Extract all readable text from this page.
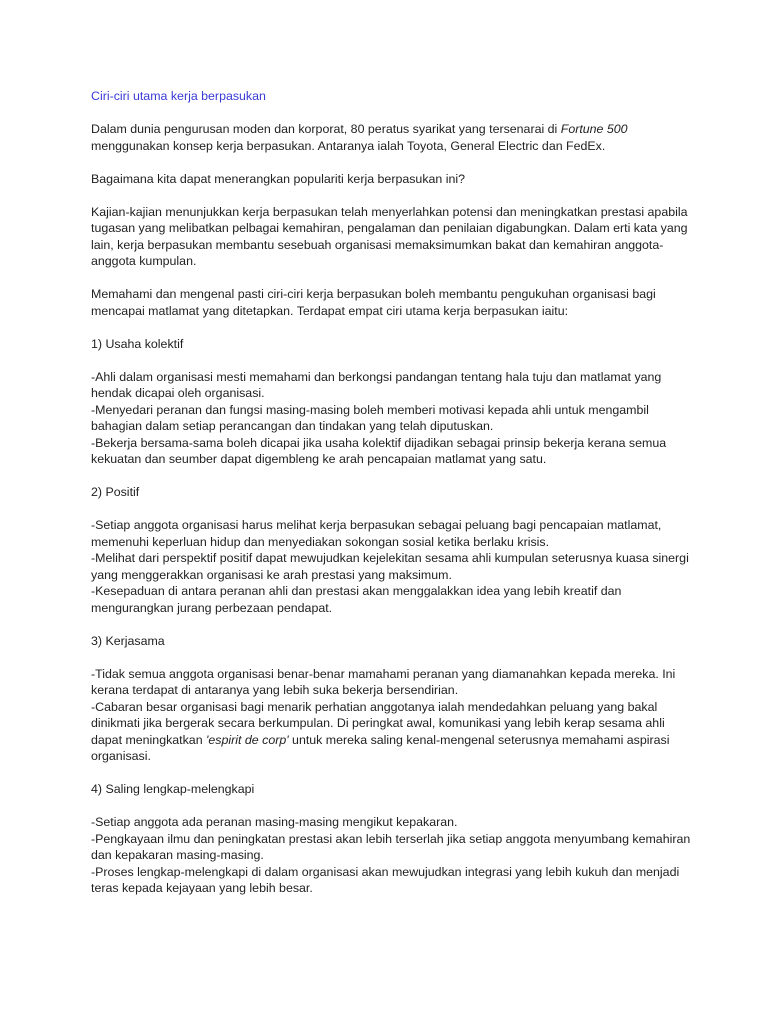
Ciri-ciri utama kerja berpasukan

Dalam dunia pengurusan moden dan korporat, 80 peratus syarikat yang tersenarai di Fortune 500 menggunakan konsep kerja berpasukan. Antaranya ialah Toyota, General Electric dan FedEx.

Bagaimana kita dapat menerangkan populariti kerja berpasukan ini?

Kajian-kajian menunjukkan kerja berpasukan telah menyerlahkan potensi dan meningkatkan prestasi apabila tugasan yang melibatkan pelbagai kemahiran, pengalaman dan penilaian digabungkan. Dalam erti kata yang lain, kerja berpasukan membantu sesebuah organisasi memaksimumkan bakat dan kemahiran anggota-anggota kumpulan.

Memahami dan mengenal pasti ciri-ciri kerja berpasukan boleh membantu pengukuhan organisasi bagi mencapai matlamat yang ditetapkan. Terdapat empat ciri utama kerja berpasukan iaitu:

1) Usaha kolektif

-Ahli dalam organisasi mesti memahami dan berkongsi pandangan tentang hala tuju dan matlamat yang hendak dicapai oleh organisasi.

-Menyedari peranan dan fungsi masing-masing boleh memberi motivasi kepada ahli untuk mengambil bahagian dalam setiap perancangan dan tindakan yang telah diputuskan.

-Bekerja bersama-sama boleh dicapai jika usaha kolektif dijadikan sebagai prinsip bekerja kerana semua kekuatan dan seumber dapat digembleng ke arah pencapaian matlamat yang satu.

2) Positif

-Setiap anggota organisasi harus melihat kerja berpasukan sebagai peluang bagi pencapaian matlamat, memenuhi keperluan hidup dan menyediakan sokongan sosial ketika berlaku krisis.

-Melihat dari perspektif positif dapat mewujudkan kejelekitan sesama ahli kumpulan seterusnya kuasa sinergi yang menggerakkan organisasi ke arah prestasi yang maksimum.

-Kesepaduan di antara peranan ahli dan prestasi akan menggalakkan idea yang lebih kreatif dan mengurangkan jurang perbezaan pendapat.

3) Kerjasama

-Tidak semua anggota organisasi benar-benar mamahami peranan yang diamanahkan kepada mereka. Ini kerana terdapat di antaranya yang lebih suka bekerja bersendirian.

-Cabaran besar organisasi bagi menarik perhatian anggotanya ialah mendedahkan peluang yang bakal dinikmati jika bergerak secara berkumpulan. Di peringkat awal, komunikasi yang lebih kerap sesama ahli dapat meningkatkan 'espirit de corp' untuk mereka saling kenal-mengenal seterusnya memahami aspirasi organisasi.

4) Saling lengkap-melengkapi

-Setiap anggota ada peranan masing-masing mengikut kepakaran.

-Pengkayaan ilmu dan peningkatan prestasi akan lebih terserlah jika setiap anggota menyumbang kemahiran dan kepakaran masing-masing.

-Proses lengkap-melengkapi di dalam organisasi akan mewujudkan integrasi yang lebih kukuh dan menjadi teras kepada kejayaan yang lebih besar.
